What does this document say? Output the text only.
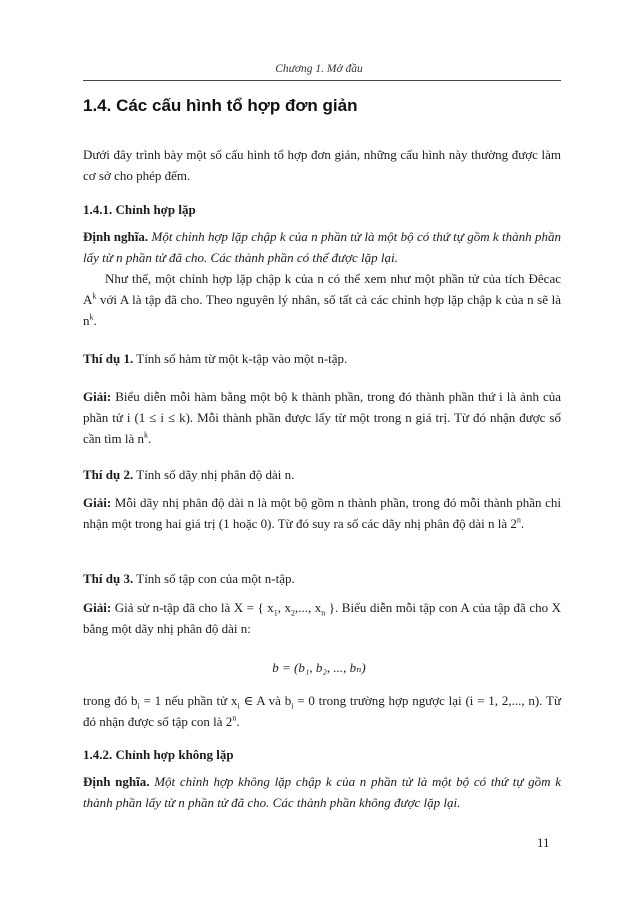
Chương 1. Mở đầu
1.4. Các cấu hình tổ hợp đơn giản
Dưới đây trình bày một số cấu hình tổ hợp đơn giản, những cấu hình này thường được làm cơ sở cho phép đếm.
1.4.1. Chỉnh hợp lặp
Định nghĩa. Một chỉnh hợp lặp chập k của n phần tử là một bộ có thứ tự gồm k thành phần lấy từ n phần tử đã cho. Các thành phần có thể được lặp lại.
Như thế, một chỉnh hợp lặp chập k của n có thể xem như một phần tử của tích Đêcac $A^k$ với A là tập đã cho. Theo nguyên lý nhân, số tất cả các chỉnh hợp lặp chập k của n sẽ là $n^k$.
Thí dụ 1. Tính số hàm từ một k-tập vào một n-tập.
Giải: Biểu diễn mỗi hàm bằng một bộ k thành phần, trong đó thành phần thứ i là ảnh của phần tử i (1 ≤ i ≤ k). Mỗi thành phần được lấy từ một trong n giá trị. Từ đó nhận được số cần tìm là $n^k$.
Thí dụ 2. Tính số dãy nhị phân độ dài n.
Giải: Mỗi dãy nhị phân độ dài n là một bộ gồm n thành phần, trong đó mỗi thành phần chỉ nhận một trong hai giá trị (1 hoặc 0). Từ đó suy ra số các dãy nhị phân độ dài n là 2$^n$.
Thí dụ 3. Tính số tập con của một n-tập.
Giải: Giả sử n-tập đã cho là X = { $x_1$, $x_2$,..., $x_n$ }. Biểu diễn mỗi tập con A của tập đã cho X bằng một dãy nhị phân độ dài n:
b = (b₁, b₂, ..., bₙ)
trong đó $b_i = 1$ nếu phần tử $x_i$ ∈ A và $b_i = 0$ trong trường hợp ngược lại (i = 1, 2,..., n). Từ đó nhận được số tập con là 2$^n$.
1.4.2. Chỉnh hợp không lặp
Định nghĩa. Một chỉnh hợp không lặp chập k của n phần tử là một bộ có thứ tự gồm k thành phần lấy từ n phần tử đã cho. Các thành phần không được lặp lại.
11
